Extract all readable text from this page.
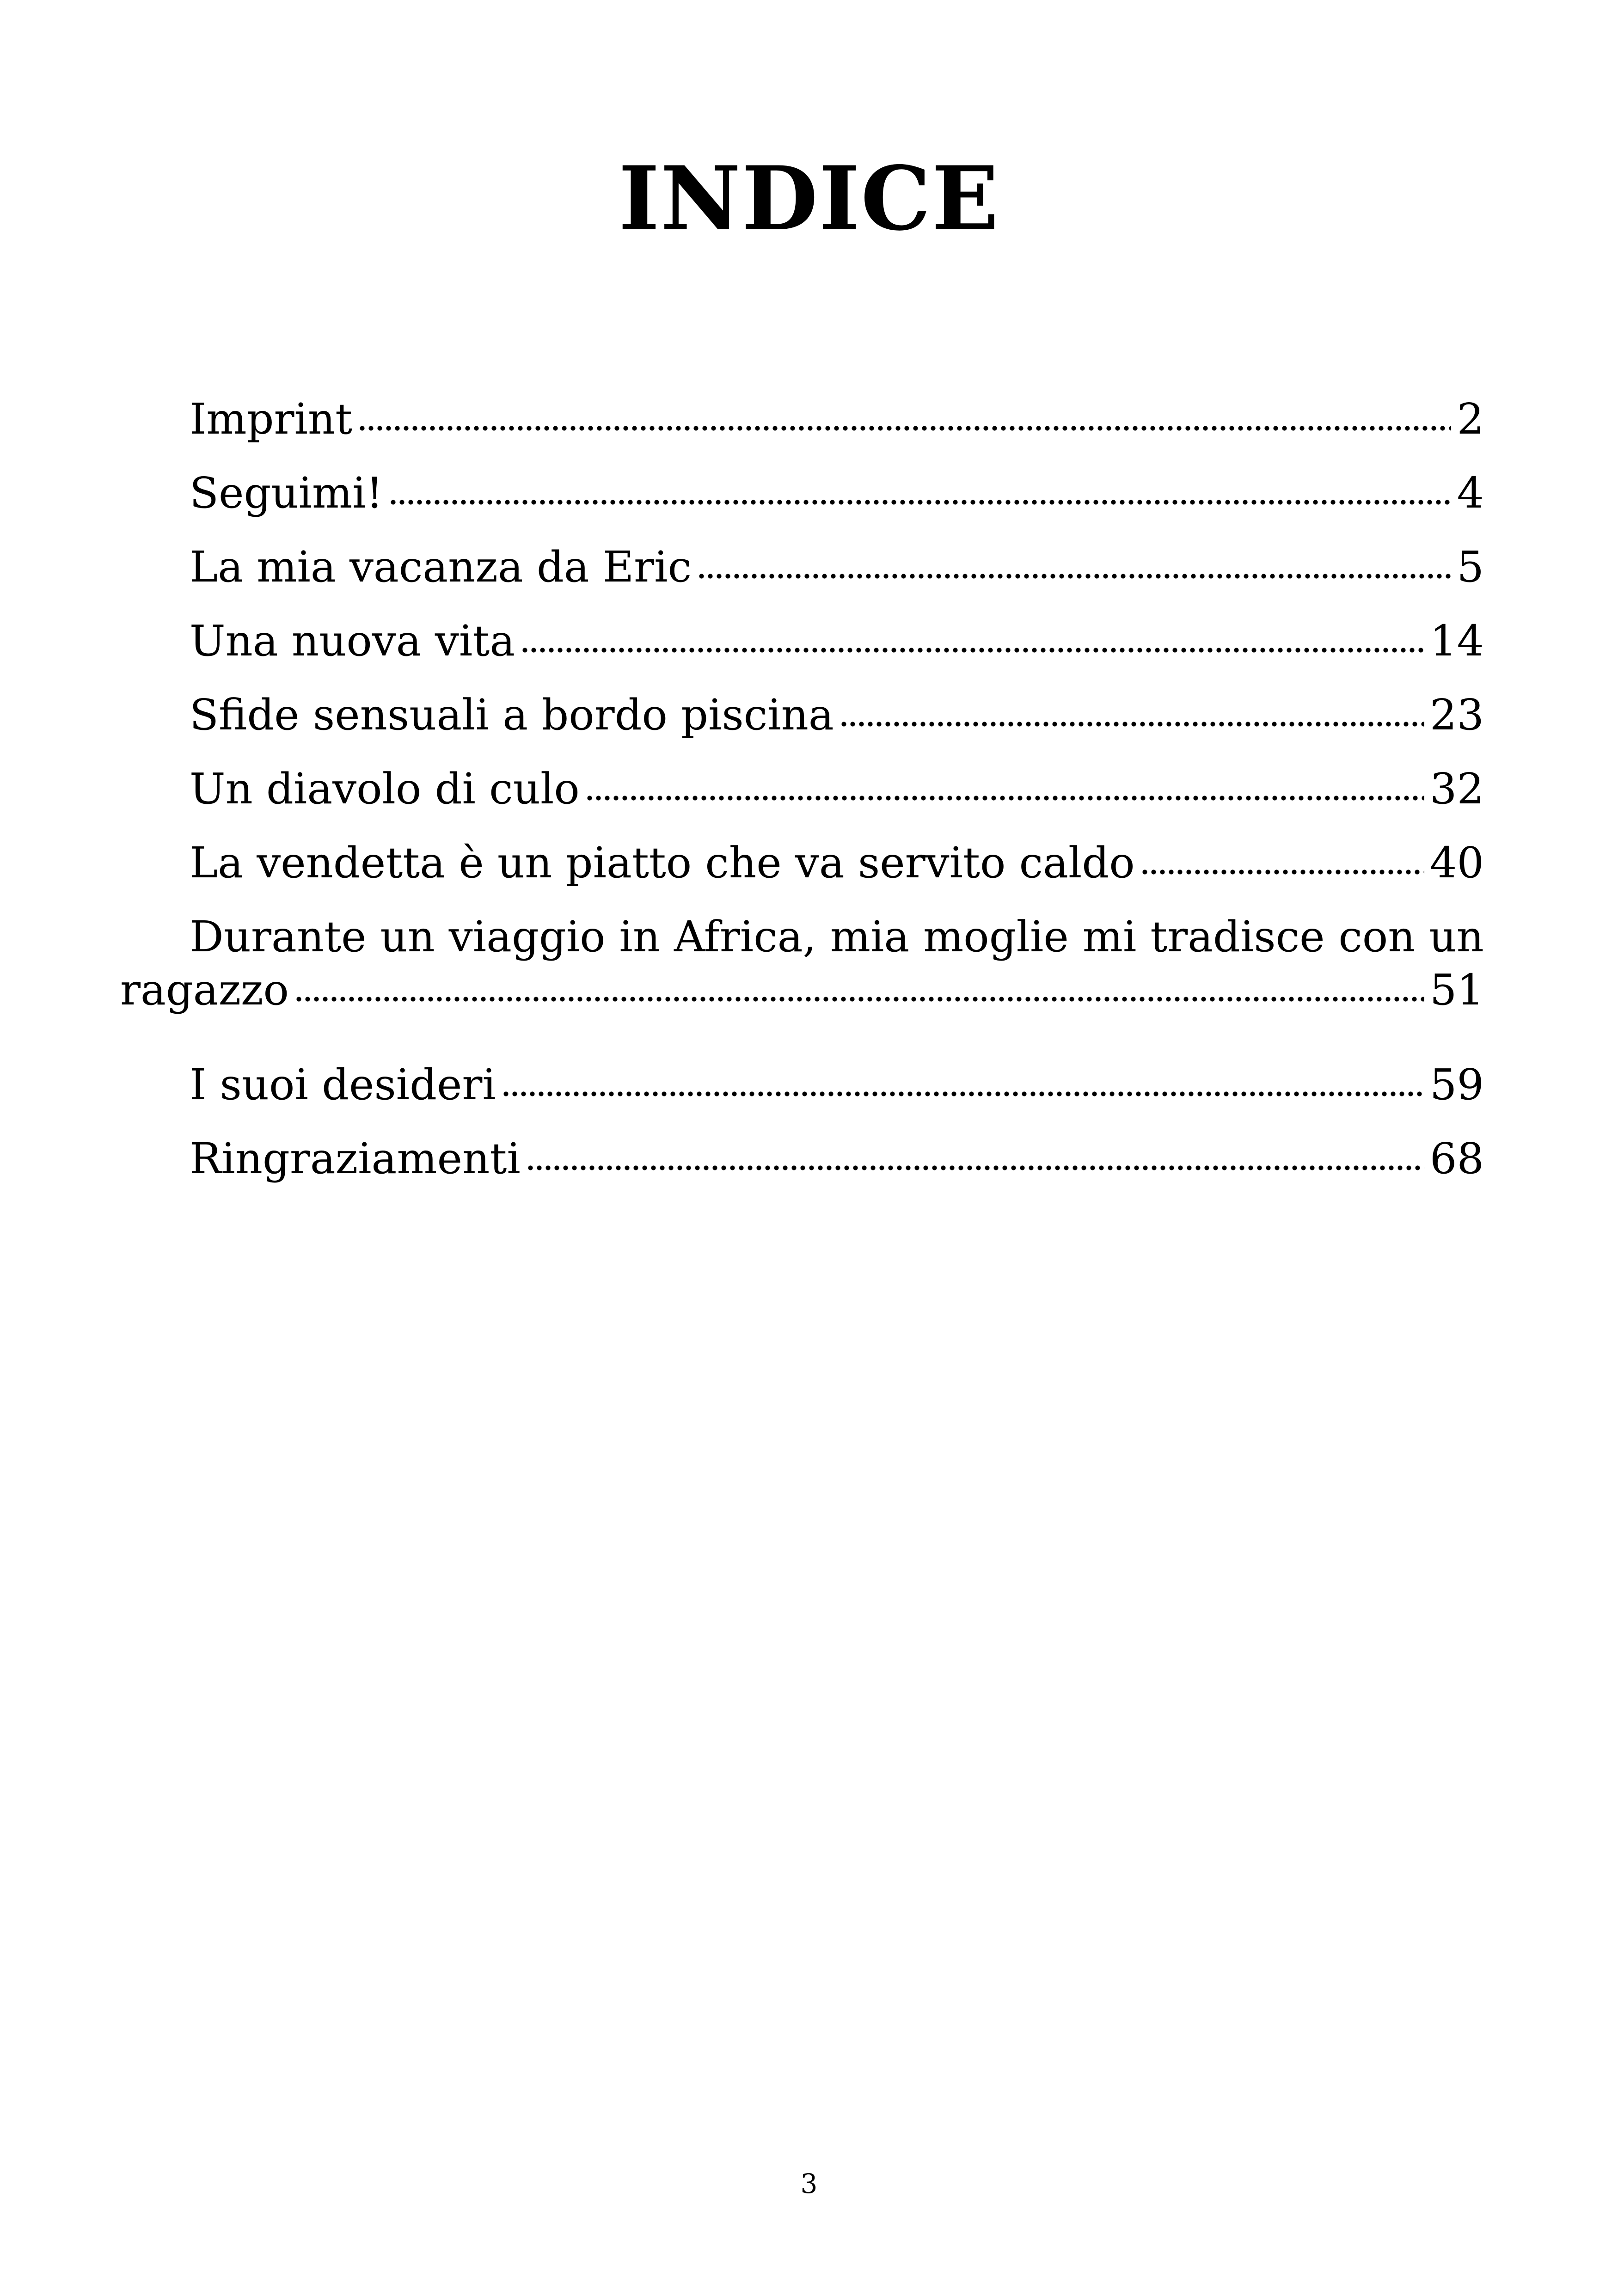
INDICE
Imprint	2
Seguimi!	4
La mia vacanza da Eric	5
Una nuova vita	14
Sfide sensuali a bordo piscina	23
Un diavolo di culo	32
La vendetta è un piatto che va servito caldo	40
Durante un viaggio in Africa, mia moglie mi tradisce con un
ragazzo	51
I suoi desideri	59
Ringraziamenti	68
3
